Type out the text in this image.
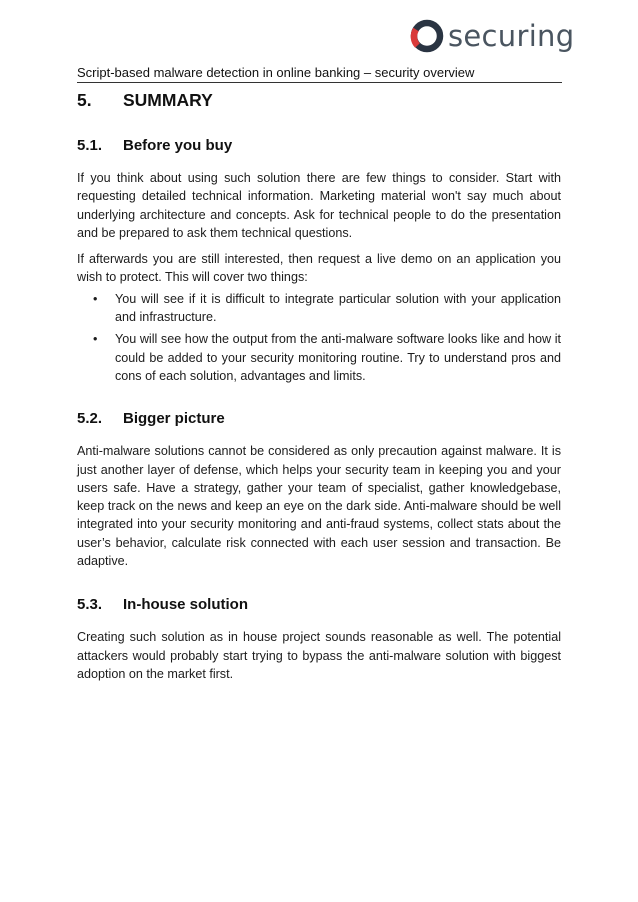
securing
Script-based malware detection in online banking – security overview
5.	SUMMARY
5.1.	Before you buy

If you think about using such solution there are few things to consider. Start with requesting detailed technical information. Marketing material won't say much about underlying architecture and concepts. Ask for technical people to do the presentation and be prepared to ask them technical questions.

If afterwards you are still interested, then request a live demo on an application you wish to protect. This will cover two things:

• You will see if it is difficult to integrate particular solution with your application and infrastructure.
• You will see how the output from the anti-malware software looks like and how it could be added to your security monitoring routine. Try to understand pros and cons of each solution, advantages and limits.
5.2.	Bigger picture

Anti-malware solutions cannot be considered as only precaution against malware. It is just another layer of defense, which helps your security team in keeping you and your users safe. Have a strategy, gather your team of specialist, gather knowledgebase, keep track on the news and keep an eye on the dark side. Anti-malware should be well integrated into your security monitoring and anti-fraud systems, collect stats about the user’s behavior, calculate risk connected with each user session and transaction. Be adaptive.

5.3.	In-house solution

Creating such solution as in house project sounds reasonable as well. The potential attackers would probably start trying to bypass the anti-malware solution with biggest adoption on the market first.
